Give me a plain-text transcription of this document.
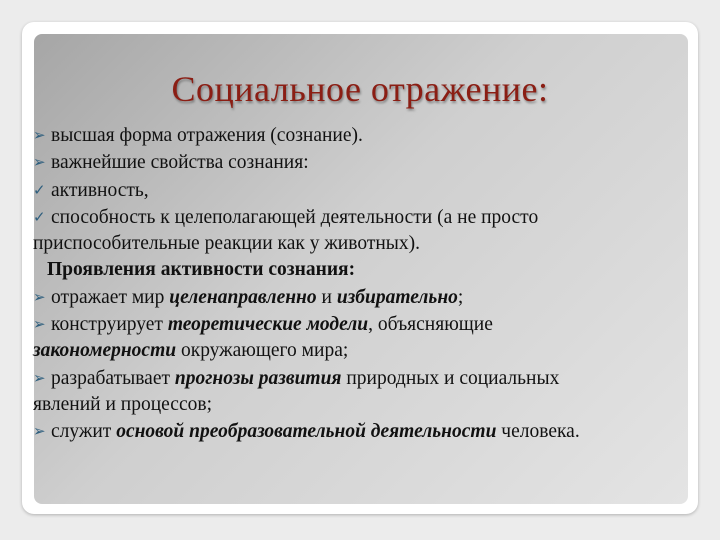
Социальное отражение:
➢ высшая форма отражения (сознание).
➢ важнейшие свойства сознания:
✓ активность,
✓ способность к целеполагающей деятельности (а не просто
приспособительные реакции как у животных).
Проявления активности сознания:
➢ отражает мир целенаправленно и избирательно;
➢ конструирует теоретические модели, объясняющие
закономерности окружающего мира;
➢ разрабатывает прогнозы развития природных и социальных
явлений и процессов;
➢ служит основой преобразовательной деятельности человека.
